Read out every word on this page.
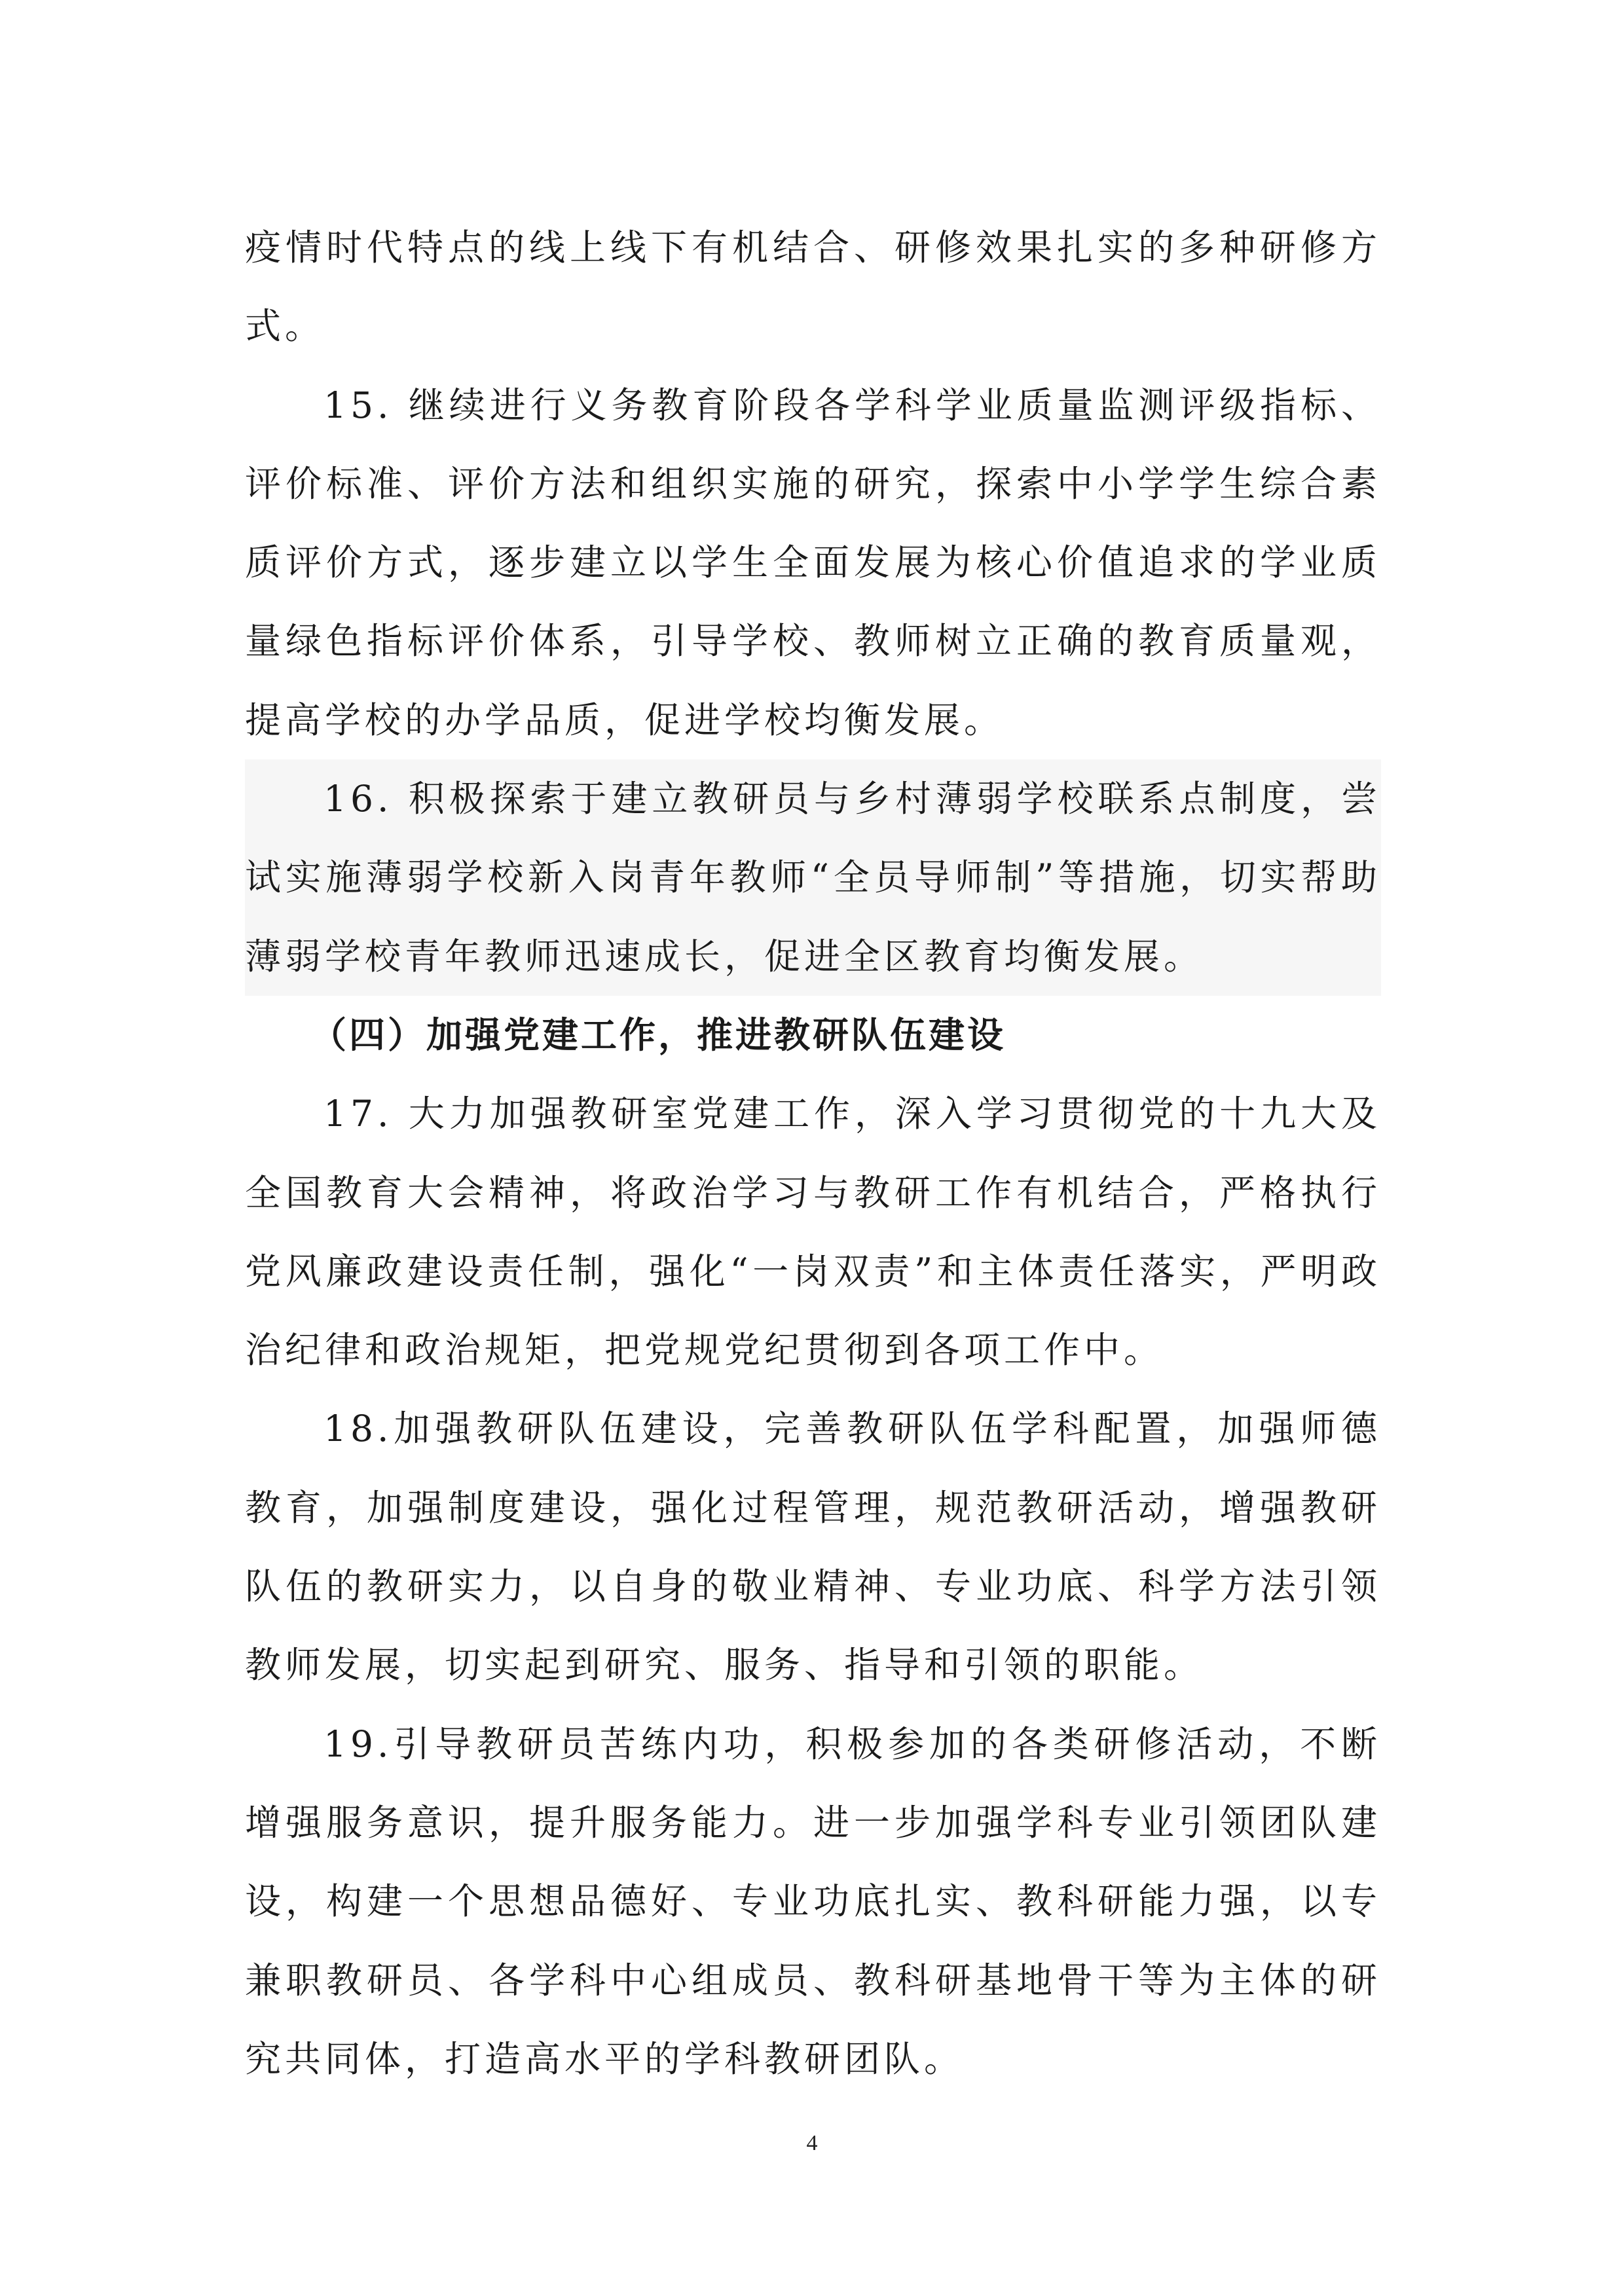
疫情时代特点的线上线下有机结合、研修效果扎实的多种研修方式。

15. 继续进行义务教育阶段各学科学业质量监测评级指标、评价标准、评价方法和组织实施的研究，探索中小学学生综合素质评价方式，逐步建立以学生全面发展为核心价值追求的学业质量绿色指标评价体系，引导学校、教师树立正确的教育质量观，提高学校的办学品质，促进学校均衡发展。

16. 积极探索于建立教研员与乡村薄弱学校联系点制度，尝试实施薄弱学校新入岗青年教师“全员导师制”等措施，切实帮助薄弱学校青年教师迅速成长，促进全区教育均衡发展。

（四）加强党建工作，推进教研队伍建设

17. 大力加强教研室党建工作，深入学习贯彻党的十九大及全国教育大会精神，将政治学习与教研工作有机结合，严格执行党风廉政建设责任制，强化“一岗双责”和主体责任落实，严明政治纪律和政治规矩，把党规党纪贯彻到各项工作中。

18.加强教研队伍建设，完善教研队伍学科配置，加强师德教育，加强制度建设，强化过程管理，规范教研活动，增强教研队伍的教研实力，以自身的敬业精神、专业功底、科学方法引领教师发展，切实起到研究、服务、指导和引领的职能。

19.引导教研员苦练内功，积极参加的各类研修活动，不断增强服务意识，提升服务能力。进一步加强学科专业引领团队建设，构建一个思想品德好、专业功底扎实、教科研能力强，以专兼职教研员、各学科中心组成员、教科研基地骨干等为主体的研究共同体，打造高水平的学科教研团队。

4
